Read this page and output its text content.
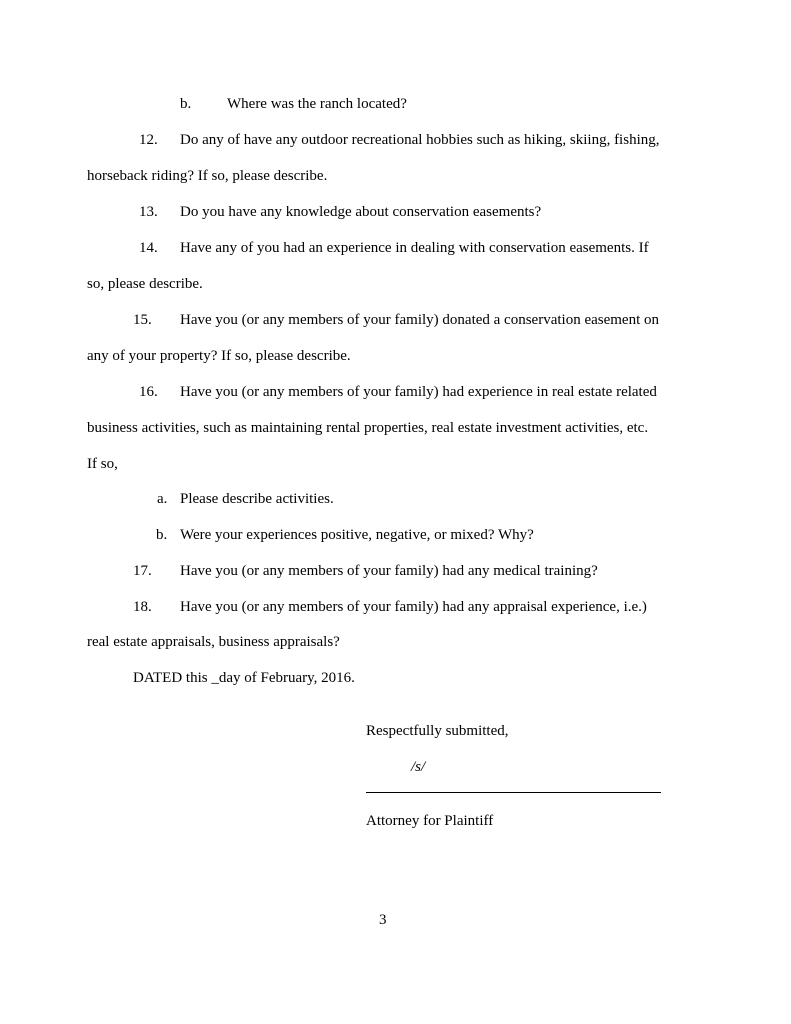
b. Where was the ranch located?
12. Do any of have any outdoor recreational hobbies such as hiking, skiing, fishing,
horseback riding? If so, please describe.
13. Do you have any knowledge about conservation easements?
14. Have any of you had an experience in dealing with conservation easements. If
so, please describe.
15. Have you (or any members of your family) donated a conservation easement on
any of your property? If so, please describe.
16. Have you (or any members of your family) had experience in real estate related
business activities, such as maintaining rental properties, real estate investment activities, etc.
If so,
a. Please describe activities.
b. Were your experiences positive, negative, or mixed? Why?
17. Have you (or any members of your family) had any medical training?
18. Have you (or any members of your family) had any appraisal experience, i.e.)
real estate appraisals, business appraisals?
DATED this _day of February, 2016.
Respectfully submitted,
/s/
Attorney for Plaintiff
3
